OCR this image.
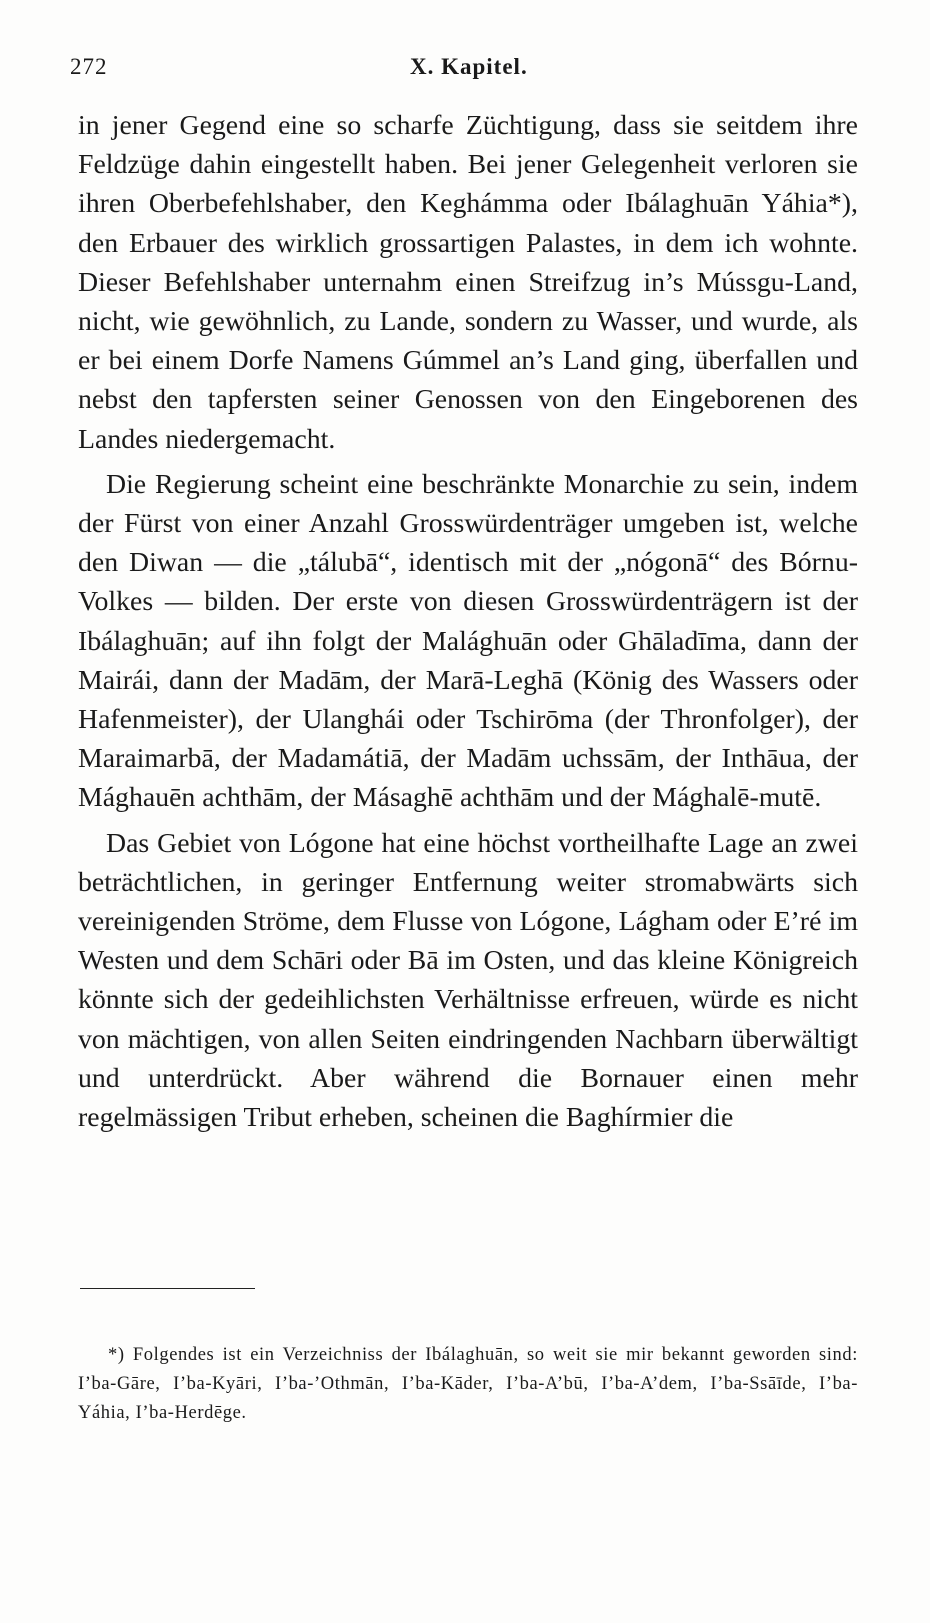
272	X. Kapitel.

in jener Gegend eine so scharfe Züchtigung, dass sie seitdem ihre Feldzüge dahin eingestellt haben. Bei jener Gelegenheit verloren sie ihren Oberbefehlshaber, den Keghámma oder Ibálaghuān Yáhia*), den Erbauer des wirklich grossartigen Palastes, in dem ich wohnte. Dieser Befehlshaber unternahm einen Streifzug in’s Mússgu-Land, nicht, wie gewöhnlich, zu Lande, sondern zu Wasser, und wurde, als er bei einem Dorfe Namens Gúmmel an’s Land ging, überfallen und nebst den tapfersten seiner Genossen von den Eingeborenen des Landes niedergemacht.

Die Regierung scheint eine beschränkte Monarchie zu sein, indem der Fürst von einer Anzahl Grosswürdenträger umgeben ist, welche den Diwan — die „tálubā“, identisch mit der „nógonā“ des Bórnu-Volkes — bilden. Der erste von diesen Grosswürdenträgern ist der Ibálaghuān; auf ihn folgt der Malághuān oder Ghāladīma, dann der Mairái, dann der Madām, der Marā-Leghā (König des Wassers oder Hafenmeister), der Ulanghái oder Tschirōma (der Thronfolger), der Maraimarbā, der Madamátiā, der Madām uchssām, der Inthāua, der Mághauēn achthām, der Másaghē achthām und der Mághalē-mutē.

Das Gebiet von Lógone hat eine höchst vortheilhafte Lage an zwei beträchtlichen, in geringer Entfernung weiter stromabwärts sich vereinigenden Ströme, dem Flusse von Lógone, Lágham oder E’ré im Westen und dem Schāri oder Bā im Osten, und das kleine Königreich könnte sich der gedeihlichsten Verhältnisse erfreuen, würde es nicht von mächtigen, von allen Seiten eindringenden Nachbarn überwältigt und unterdrückt. Aber während die Bornauer einen mehr regelmässigen Tribut erheben, scheinen die Baghírmier die

*) Folgendes ist ein Verzeichniss der Ibálaghuān, so weit sie mir bekannt geworden sind: I’ba-Gāre, I’ba-Kyāri, I’ba-’Othmān, I’ba-Kāder, I’ba-A’bū, I’ba-A’dem, I’ba-Ssāīde, I’ba-Yáhia, I’ba-Herdēge.
